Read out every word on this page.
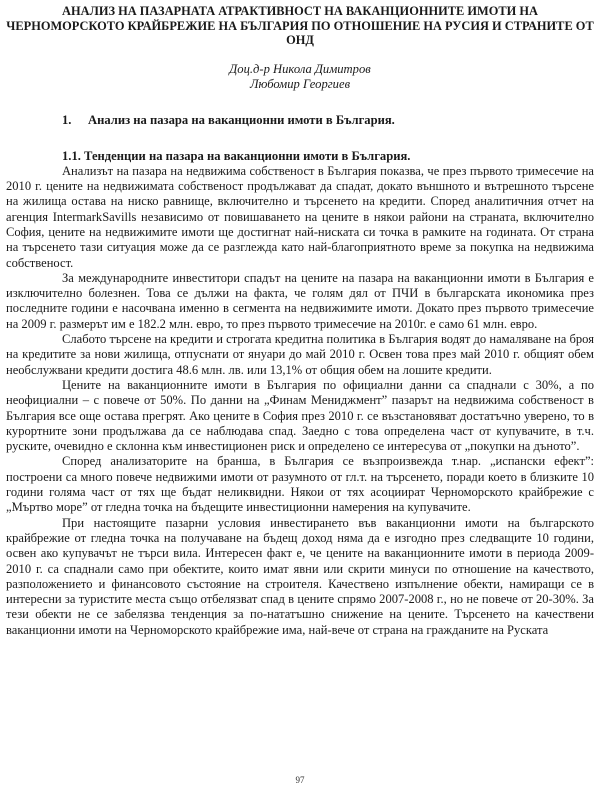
АНАЛИЗ НА ПАЗАРНАТА АТРАКТИВНОСТ НА ВАКАНЦИОННИТЕ ИМОТИ НА ЧЕРНОМОРСКОТО КРАЙБРЕЖИЕ НА БЪЛГАРИЯ ПО ОТНОШЕНИЕ НА РУСИЯ И СТРАНИТЕ ОТ ОНД
Доц.д-р Никола Димитров
Любомир Георгиев
1. Анализ на пазара на ваканционни имоти в България.
1.1. Тенденции на пазара на ваканционни имоти в България.

Анализът на пазара на недвижима собственост в България показва, че през първото тримесечие на 2010 г. цените на недвижимата собственост продължават да спадат, докато външното и вътрешното търсене на жилища остава на ниско равнище, включително и търсенето на кредити. Според аналитичния отчет на агенция IntermarkSavills независимо от повишаването на цените в някои райони на страната, включително София, цените на недвижимите имоти ще достигнат най-ниската си точка в рамките на годината. От страна на търсенето тази ситуация може да се разглежда като най-благоприятното време за покупка на недвижима собственост.

За международните инвеститори спадът на цените на пазара на ваканционни имоти в България е изключително болезнен. Това се дължи на факта, че голям дял от ПЧИ в българската икономика през последните години е насочвана именно в сегмента на недвижимите имоти. Докато през първото тримесечие на 2009 г. размерът им е 182.2 млн. евро, то през първото тримесечие на 2010г. е само 61 млн. евро.

Слабото търсене на кредити и строгата кредитна политика в България водят до намаляване на броя на кредитите за нови жилища, отпуснати от януари до май 2010 г. Освен това през май 2010 г. общият обем необслужвани кредити достига 48.6 млн. лв. или 13,1% от общия обем на лошите кредити.

Цените на ваканционните имоти в България по официални данни са спаднали с 30%, а по неофициални – с повече от 50%. По данни на „Финам Мениджмент” пазарът на недвижима собственост в България все още остава прегрят. Ако цените в София през 2010 г. се възстановяват достатъчно уверено, то в курортните зони продължава да се наблюдава спад. Заедно с това определена част от купувачите, в т.ч. руските, очевидно е склонна към инвестиционен риск и определено се интересува от „покупки на дъното”.

Според анализаторите на бранша, в България се възпроизвежда т.нар. „испански ефект”: построени са много повече недвижими имоти от разумното от гл.т. на търсенето, поради което в близките 10 години голяма част от тях ще бъдат неликвидни. Някои от тях асоциират Черноморското крайбрежие с „Мъртво море” от гледна точка на бъдещите инвестиционни намерения на купувачите.

При настоящите пазарни условия инвестирането във ваканционни имоти на българското крайбрежие от гледна точка на получаване на бъдещ доход няма да е изгодно през следващите 10 години, освен ако купувачът не търси вила. Интересен факт е, че цените на ваканционните имоти в периода 2009-2010 г. са спаднали само при обектите, които имат явни или скрити минуси по отношение на качеството, разположението и финансовото състояние на строителя. Качествено изпълнение обекти, намиращи се в интересни за туристите места също отбелязват спад в цените спрямо 2007-2008 г., но не повече от 20-30%. За тези обекти не се забелязва тенденция за по-нататъшно снижение на цените. Търсенето на качествени ваканционни имоти на Черноморското крайбрежие има, най-вече от страна на гражданите на Руската

97
